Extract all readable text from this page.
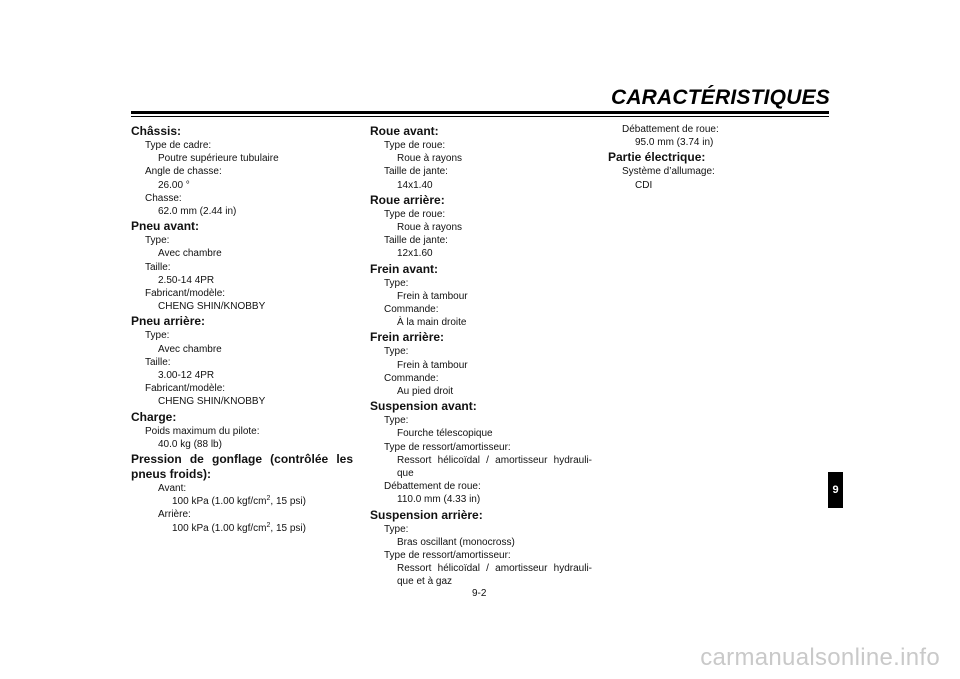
CARACTÉRISTIQUES
Châssis:
Type de cadre:
Poutre supérieure tubulaire
Angle de chasse:
26.00 °
Chasse:
62.0 mm (2.44 in)
Pneu avant:
Type:
Avec chambre
Taille:
2.50-14 4PR
Fabricant/modèle:
CHENG SHIN/KNOBBY
Pneu arrière:
Type:
Avec chambre
Taille:
3.00-12 4PR
Fabricant/modèle:
CHENG SHIN/KNOBBY
Charge:
Poids maximum du pilote:
40.0 kg (88 lb)
Pression de gonflage (contrôlée les pneus froids):
Avant:
100 kPa (1.00 kgf/$cm^2$, 15 psi)
Arrière:
100 kPa (1.00 kgf/$cm^2$, 15 psi)
Roue avant:
Type de roue:
Roue à rayons
Taille de jante:
14x1.40
Roue arrière:
Type de roue:
Roue à rayons
Taille de jante:
12x1.60
Frein avant:
Type:
Frein à tambour
Commande:
À la main droite
Frein arrière:
Type:
Frein à tambour
Commande:
Au pied droit
Suspension avant:
Type:
Fourche télescopique
Type de ressort/amortisseur:
Ressort hélicoïdal / amortisseur hydrauli-que
Débattement de roue:
110.0 mm (4.33 in)
Suspension arrière:
Type:
Bras oscillant (monocross)
Type de ressort/amortisseur:
Ressort hélicoïdal / amortisseur hydrauli-que et à gaz
Débattement de roue:
95.0 mm (3.74 in)
Partie électrique:
Système d’allumage:
CDI
9-2
9
carmanualsonline.info
